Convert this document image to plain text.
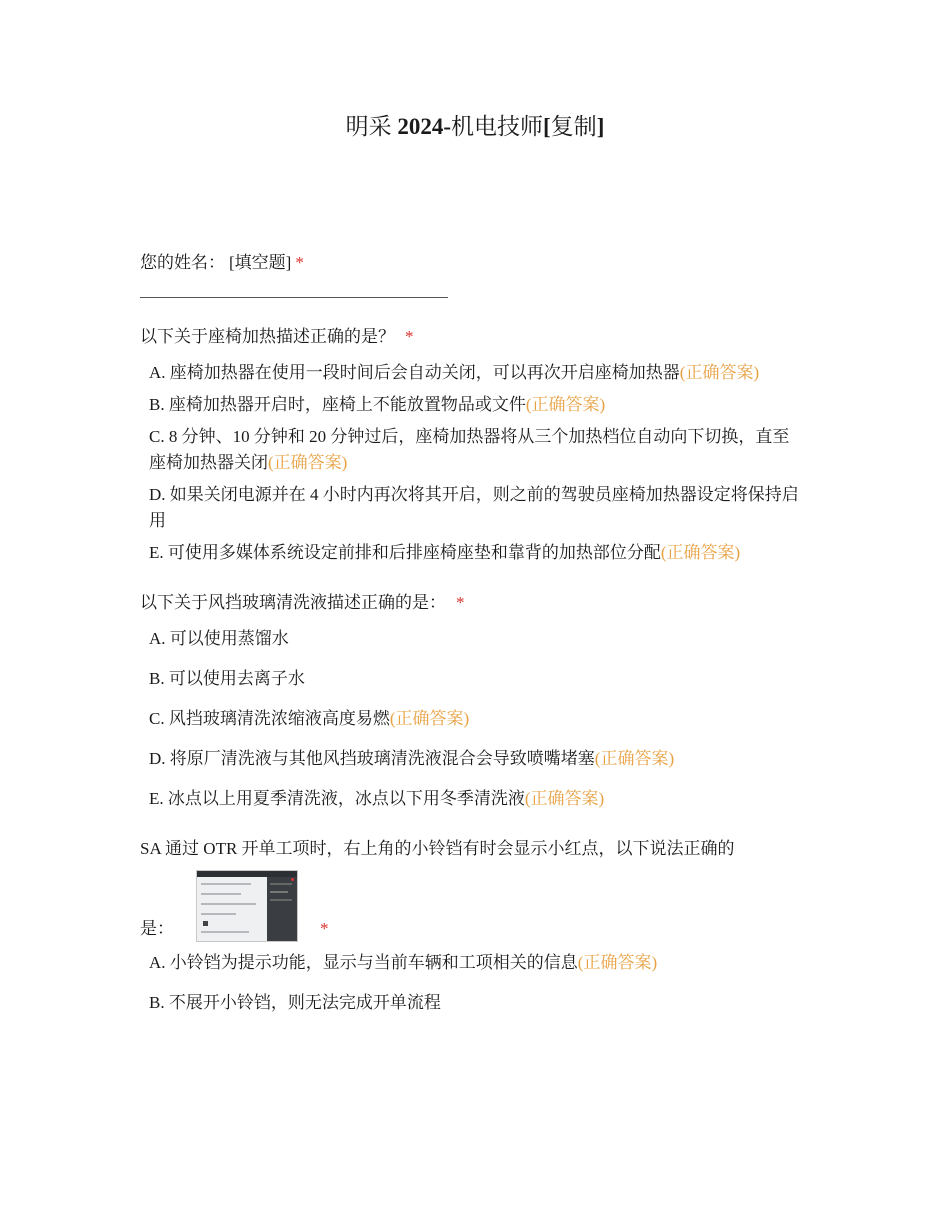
明采 2024-机电技师[复制]
您的姓名： [填空题] *
以下关于座椅加热描述正确的是？ *
A. 座椅加热器在使用一段时间后会自动关闭，可以再次开启座椅加热器(正确答案)
B. 座椅加热器开启时，座椅上不能放置物品或文件(正确答案)
C. 8 分钟、10 分钟和 20 分钟过后，座椅加热器将从三个加热档位自动向下切换，直至座椅加热器关闭(正确答案)
D. 如果关闭电源并在 4 小时内再次将其开启，则之前的驾驶员座椅加热器设定将保持启用
E. 可使用多媒体系统设定前排和后排座椅座垫和靠背的加热部位分配(正确答案)
以下关于风挡玻璃清洗液描述正确的是： *
A. 可以使用蒸馏水
B. 可以使用去离子水
C. 风挡玻璃清洗浓缩液高度易燃(正确答案)
D. 将原厂清洗液与其他风挡玻璃清洗液混合会导致喷嘴堵塞(正确答案)
E. 冰点以上用夏季清洗液，冰点以下用冬季清洗液(正确答案)
SA 通过 OTR 开单工项时，右上角的小铃铛有时会显示小红点，以下说法正确的
是：	*
A. 小铃铛为提示功能，显示与当前车辆和工项相关的信息(正确答案)
B. 不展开小铃铛，则无法完成开单流程
